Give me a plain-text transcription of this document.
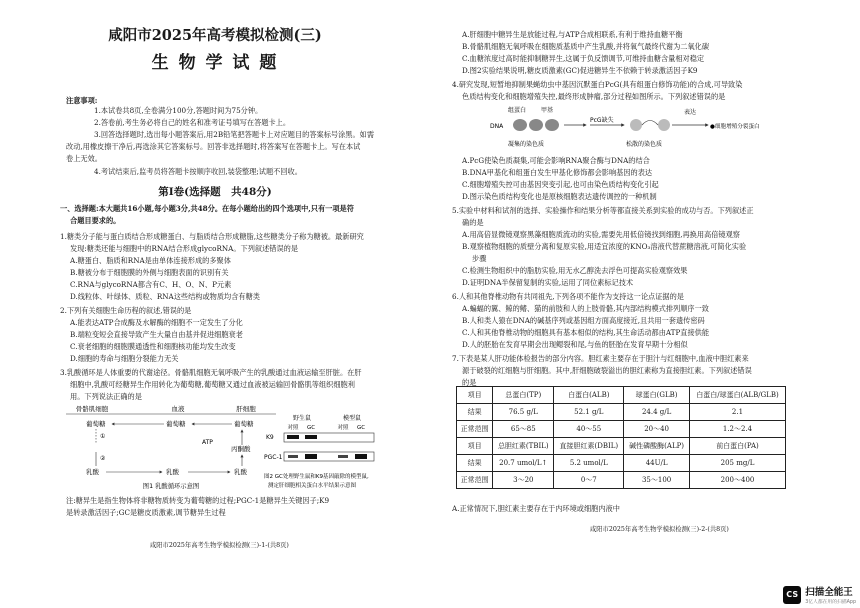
咸阳市2025年高考模拟检测(三)
生 物 学 试 题
注意事项:
1.本试卷共8页,全卷满分100分,答题时间为75分钟。
2.答卷前,考生务必将自己的姓名和准考证号填写在答题卡上。
3.回答选择题时,选出每小题答案后,用2B铅笔把答题卡上对应题目的答案标号涂黑。如需
改动,用橡皮擦干净后,再选涂其它答案标号。回答非选择题时,将答案写在答题卡上。写在本试
卷上无效。
4.考试结束后,监考员将答题卡按顺序收回,装袋整理;试题不回收。
第Ⅰ卷(选择题　共48分)
一、选择题:本大题共16小题,每小题3分,共48分。在每小题给出的四个选项中,只有一项是符
合题目要求的。
1.糖类分子能与蛋白质结合形成糖蛋白、与脂质结合形成糖脂,这些糖类分子称为糖被。最新研究
发现:糖类还能与细胞中的RNA结合形成glycoRNA。下列叙述错误的是
A.糖蛋白、脂质和RNA是由单体连接形成的多聚体
B.糖被分布于细胞膜的外侧与细胞表面的识别有关
C.RNA与glycoRNA都含有C、H、O、N、P元素
D.线粒体、叶绿体、质粒、RNA这些结构或物质均含有糖类
2.下列有关细胞生命历程的叙述,错误的是
A.能表达ATP合成酶及水解酶的细胞不一定发生了分化
B.端粒变短会直接导致产生大量自由基并促进细胞衰老
C.衰老细胞的细胞膜通透性和细胞核功能均发生改变
D.细胞的寿命与细胞分裂能力无关
3.乳酸循环是人体重要的代谢途径。骨骼肌细胞无氧呼吸产生的乳酸通过血液运输至肝脏。在肝
细胞中,乳酸可经糖异生作用转化为葡萄糖,葡萄糖又通过血液被运输回骨骼肌等组织细胞利
用。下列说法正确的是
骨骼肌细胞	血液	肝细胞
葡萄糖	葡萄糖	葡萄糖
①
②
乳酸	乳酸	乳酸
丙酮酸
ATP
图1 乳酸循环示意图
野生鼠	模型鼠
对照 GC	对照 GC
K9
PGC-1
图2 GC处理野生鼠和K9基因敲除的模型鼠,
测定肝细胞相关蛋白水平结果示意图
注:糖异生是指生物体将非糖物质转变为葡萄糖的过程;PGC-1是糖异生关键因子;K9
是转录激活因子;GC是糖皮质激素,调节糖异生过程
咸阳市2025年高考生物学模拟检测(三)-1-(共8页)
A.肝细胞中糖异生是放能过程,与ATP合成相联系,有利于维持血糖平衡
B.骨骼肌细胞无氧呼吸在细胞质基质中产生乳酸,并将氧气最终代谢为二氧化碳
C.血糖浓度过高时能抑制糖异生,这属于负反馈调节,可维持血糖含量相对稳定
D.图2实验结果说明,糖皮质激素(GC)促进糖异生不依赖于转录激活因子K9
4.研究发现,短暂地抑制果蝇幼虫中基因沉默蛋白PcG(具有组蛋白修饰功能)的合成,可导致染
色质结构变化和细胞增殖失控,最终形成肿瘤,部分过程如图所示。下列叙述错误的是
组蛋白 甲基
DNA
PcG缺失
表达
●细胞增殖分裂蛋白
凝集的染色质	松散的染色质
A.PcG使染色质凝集,可能会影响RNA聚合酶与DNA的结合
B.DNA甲基化和组蛋白发生甲基化修饰都会影响基因的表达
C.细胞增殖失控可由基因突变引起,也可由染色质结构变化引起
D.图示染色质结构变化也是原核细胞表达遗传调控的一种机制
5.实验中材料和试剂的选择、实验操作和结果分析等都直接关系到实验的成功与否。下列叙述正
确的是
A.用高倍显微镜观察黑藻细胞质流动的实验,需要先用低倍镜找到细胞,再换用高倍镜观察
B.观察植物细胞的质壁分离和复原实验,用适宜浓度的KNO₃溶液代替蔗糖溶液,可简化实验
步骤
C.检测生物组织中的脂肪实验,用无水乙醇洗去浮色可提高实验观察效果
D.证明DNA半保留复制的实验,运用了同位素标记技术
6.人和其他脊椎动物有共同祖先,下列各项不能作为支持这一论点证据的是
A.蝙蝠的翼、鲸的鳍、猫的前肢和人的上肢骨骼,其内部结构模式排列顺序一致
B.人和类人猿在DNA的碱基序列或基因组方面高度接近,且共用一套遗传密码
C.人和其他脊椎动物的细胞具有基本相似的结构,其生命活动都由ATP直接供能
D.人的胚胎在发育早期会出现鳃裂和尾,与鱼的胚胎在发育早期十分相似
7.下表是某人肝功能体检报告的部分内容。胆红素主要存在于胆汁与红细胞中,血液中胆红素来
源于破裂的红细胞与肝细胞。其中,肝细胞破裂溢出的胆红素称为直接胆红素。下列叙述错误
的是
项目	总蛋白(TP)	白蛋白(ALB)	球蛋白(GLB)	白蛋白/球蛋白(ALB/GLB)
结果	76.5 g/L	52.1 g/L	24.4 g/L	2.1
正常范围	65～85	40～55	20～40	1.2～2.4
项目	总胆红素(TBIL)	直接胆红素(DBIL)	碱性磷酸酶(ALP)	前白蛋白(PA)
结果	20.7 umol/L↑	5.2 umol/L	44U/L	205 mg/L
正常范围	3～20	0～7	35～100	200～400
A.正常情况下,胆红素主要存在于内环境或细胞内液中
咸阳市2025年高考生物学模拟检测(三)-2-(共8页)
CS 扫描全能王
3亿人都在用的扫描App
